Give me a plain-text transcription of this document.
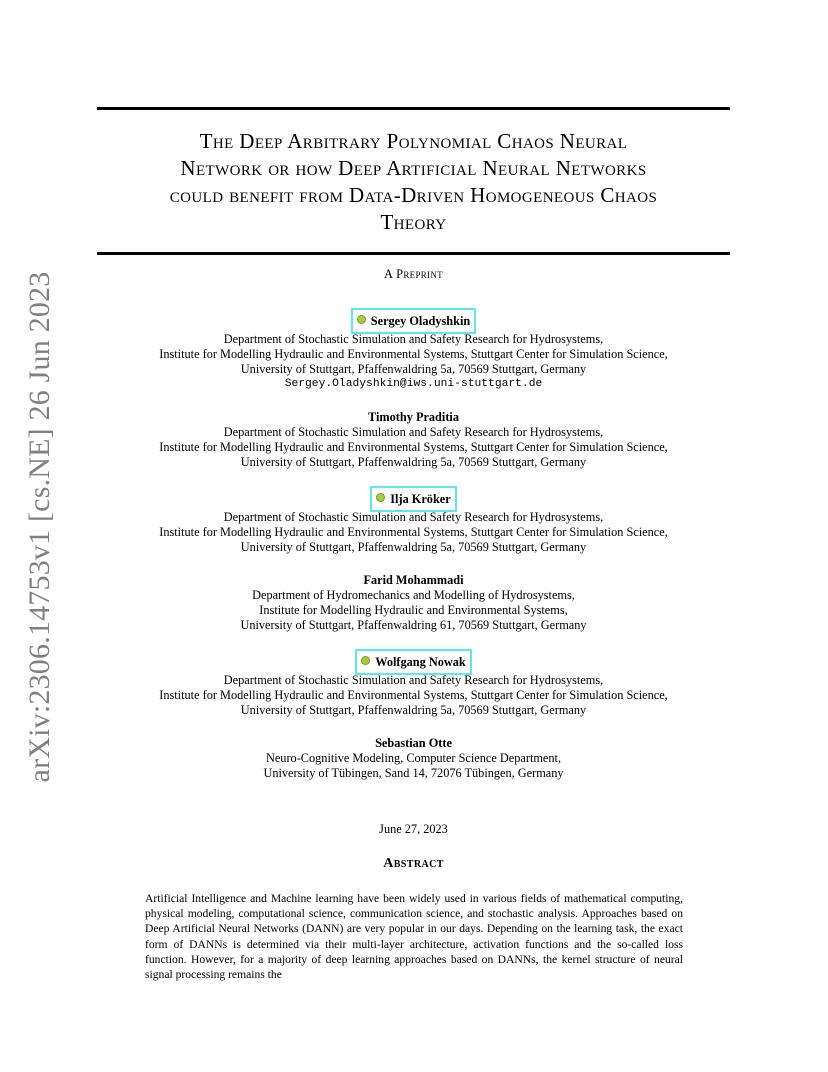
arXiv:2306.14753v1 [cs.NE] 26 Jun 2023
The Deep Arbitrary Polynomial Chaos Neural
Network or how Deep Artificial Neural Networks
could benefit from Data-Driven Homogeneous Chaos
Theory
A Preprint
Sergey Oladyshkin
Department of Stochastic Simulation and Safety Research for Hydrosystems,
Institute for Modelling Hydraulic and Environmental Systems, Stuttgart Center for Simulation Science,
University of Stuttgart, Pfaffenwaldring 5a, 70569 Stuttgart, Germany
Sergey.Oladyshkin@iws.uni-stuttgart.de
Timothy Praditia
Department of Stochastic Simulation and Safety Research for Hydrosystems,
Institute for Modelling Hydraulic and Environmental Systems, Stuttgart Center for Simulation Science,
University of Stuttgart, Pfaffenwaldring 5a, 70569 Stuttgart, Germany
Ilja Kröker
Department of Stochastic Simulation and Safety Research for Hydrosystems,
Institute for Modelling Hydraulic and Environmental Systems, Stuttgart Center for Simulation Science,
University of Stuttgart, Pfaffenwaldring 5a, 70569 Stuttgart, Germany
Farid Mohammadi
Department of Hydromechanics and Modelling of Hydrosystems,
Institute for Modelling Hydraulic and Environmental Systems,
University of Stuttgart, Pfaffenwaldring 61, 70569 Stuttgart, Germany
Wolfgang Nowak
Department of Stochastic Simulation and Safety Research for Hydrosystems,
Institute for Modelling Hydraulic and Environmental Systems, Stuttgart Center for Simulation Science,
University of Stuttgart, Pfaffenwaldring 5a, 70569 Stuttgart, Germany
Sebastian Otte
Neuro-Cognitive Modeling, Computer Science Department,
University of Tübingen, Sand 14, 72076 Tübingen, Germany
June 27, 2023
Abstract
Artificial Intelligence and Machine learning have been widely used in various fields of mathematical computing, physical modeling, computational science, communication science, and stochastic analysis. Approaches based on Deep Artificial Neural Networks (DANN) are very popular in our days. Depending on the learning task, the exact form of DANNs is determined via their multi-layer architecture, activation functions and the so-called loss function. However, for a majority of deep learning approaches based on DANNs, the kernel structure of neural signal processing remains the
